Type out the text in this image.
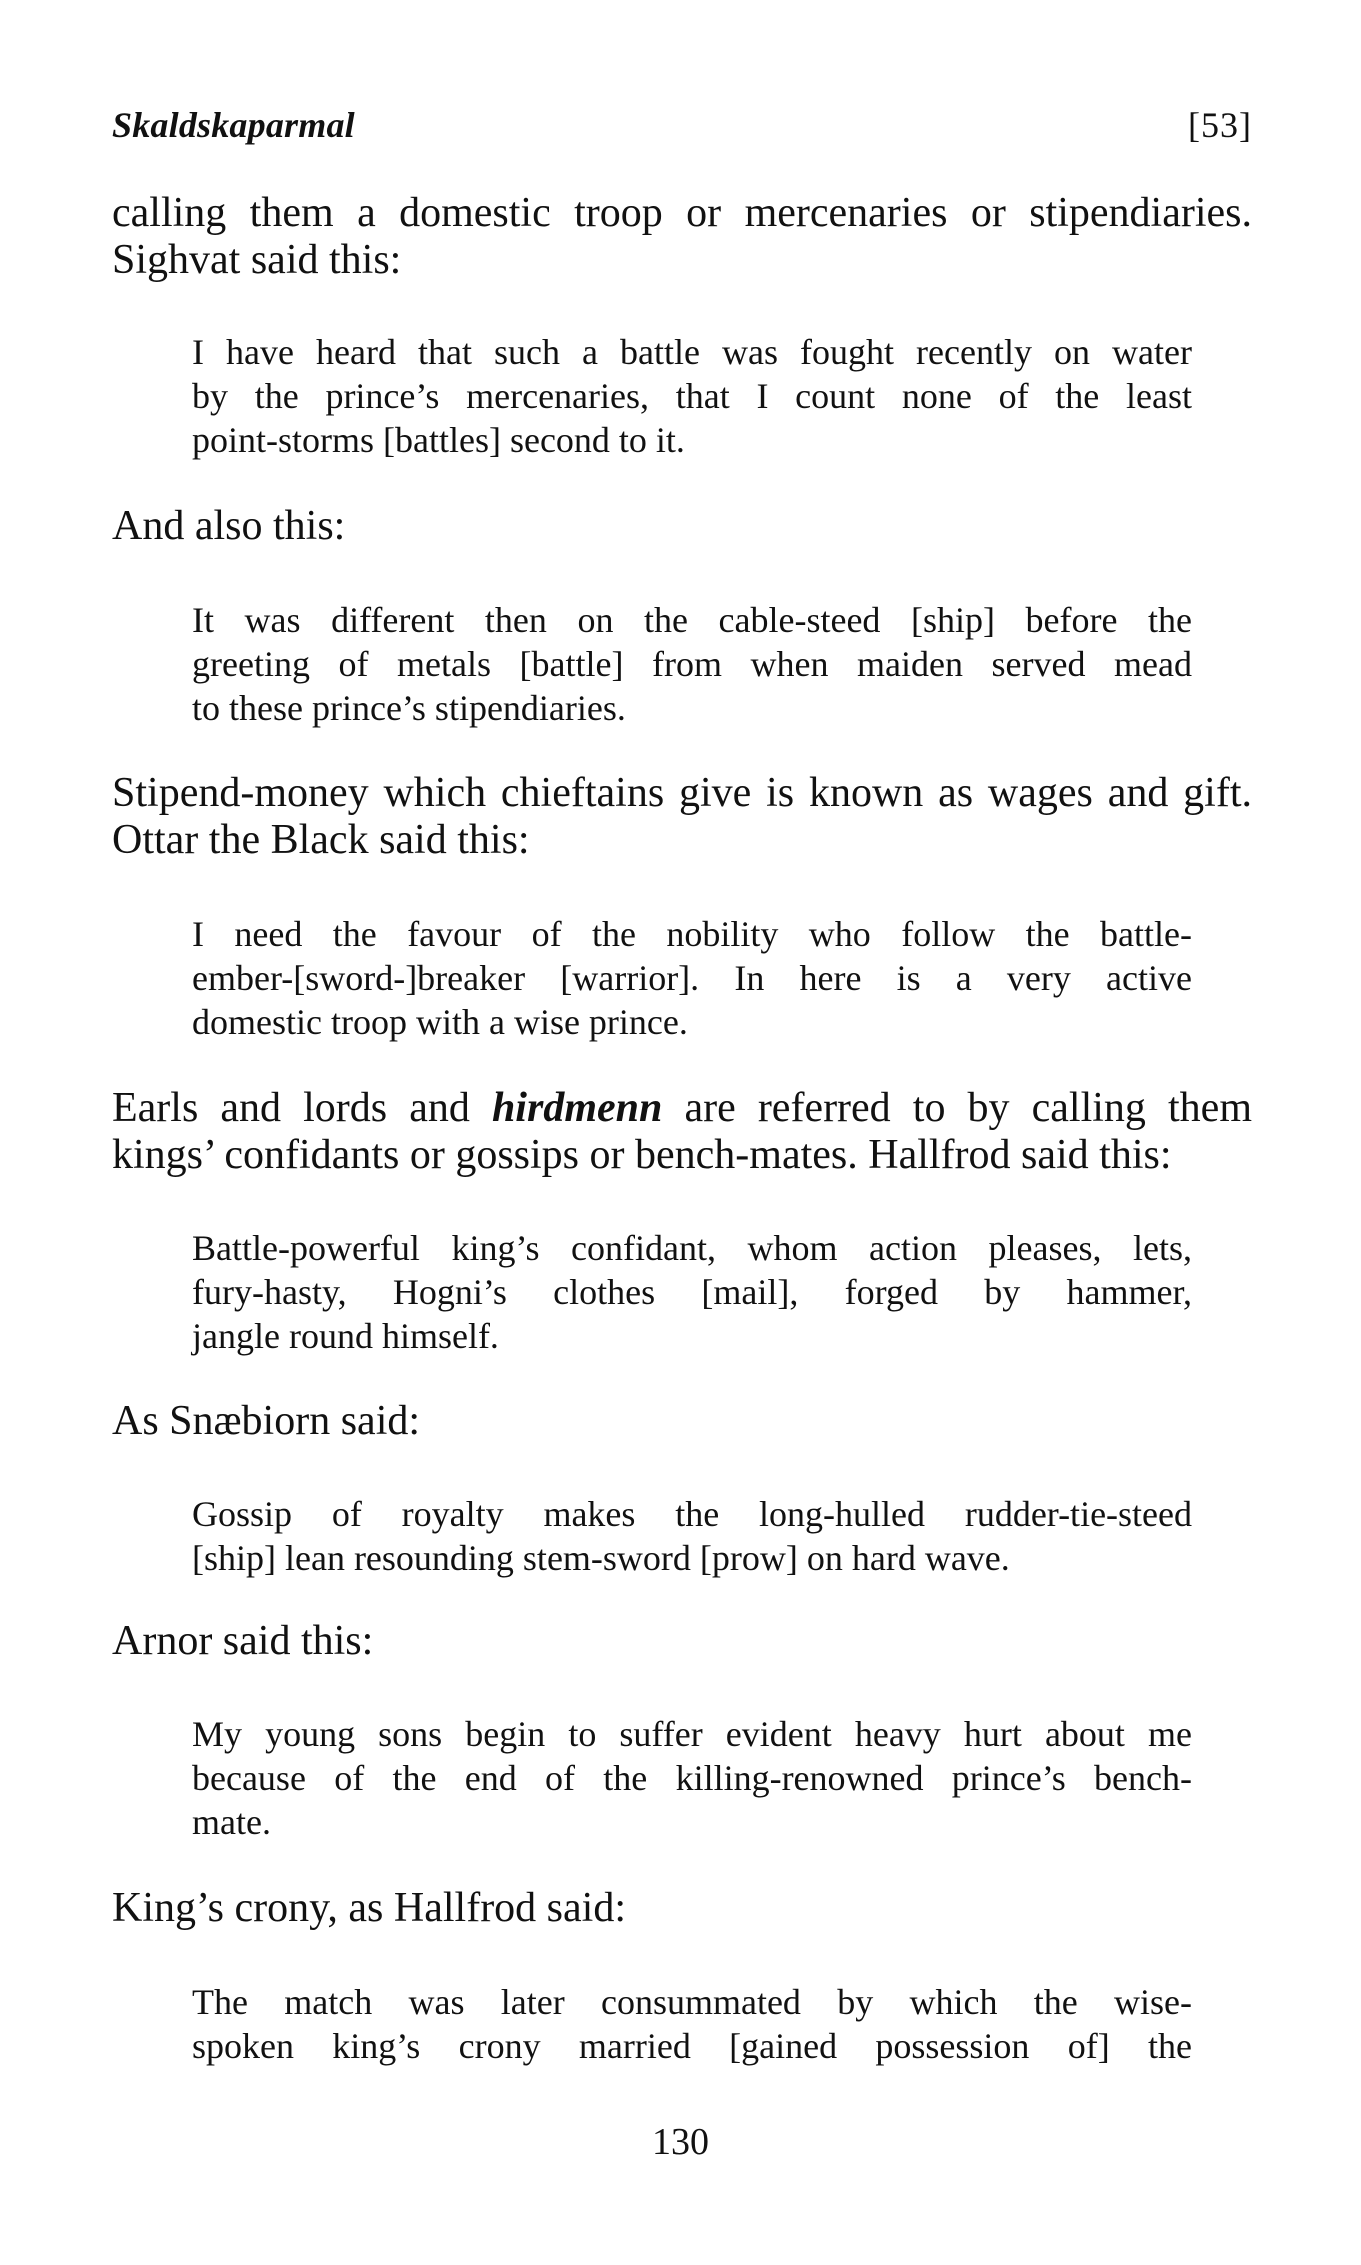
Skaldskaparmal	[53]
calling them a domestic troop or mercenaries or stipendiaries.
Sighvat said this:
I have heard that such a battle was fought recently on water
by the prince’s mercenaries, that I count none of the least
point-storms [battles] second to it.
And also this:
It was different then on the cable-steed [ship] before the
greeting of metals [battle] from when maiden served mead
to these prince’s stipendiaries.
Stipend-money which chieftains give is known as wages and gift.
Ottar the Black said this:
I need the favour of the nobility who follow the battle-
ember-[sword-]breaker [warrior]. In here is a very active
domestic troop with a wise prince.
Earls and lords and hirdmenn are referred to by calling them
kings’ confidants or gossips or bench-mates. Hallfrod said this:
Battle-powerful king’s confidant, whom action pleases, lets,
fury-hasty, Hogni’s clothes [mail], forged by hammer,
jangle round himself.
As Snæbiorn said:
Gossip of royalty makes the long-hulled rudder-tie-steed
[ship] lean resounding stem-sword [prow] on hard wave.
Arnor said this:
My young sons begin to suffer evident heavy hurt about me
because of the end of the killing-renowned prince’s bench-
mate.
King’s crony, as Hallfrod said:
The match was later consummated by which the wise-
spoken king’s crony married [gained possession of] the
130
